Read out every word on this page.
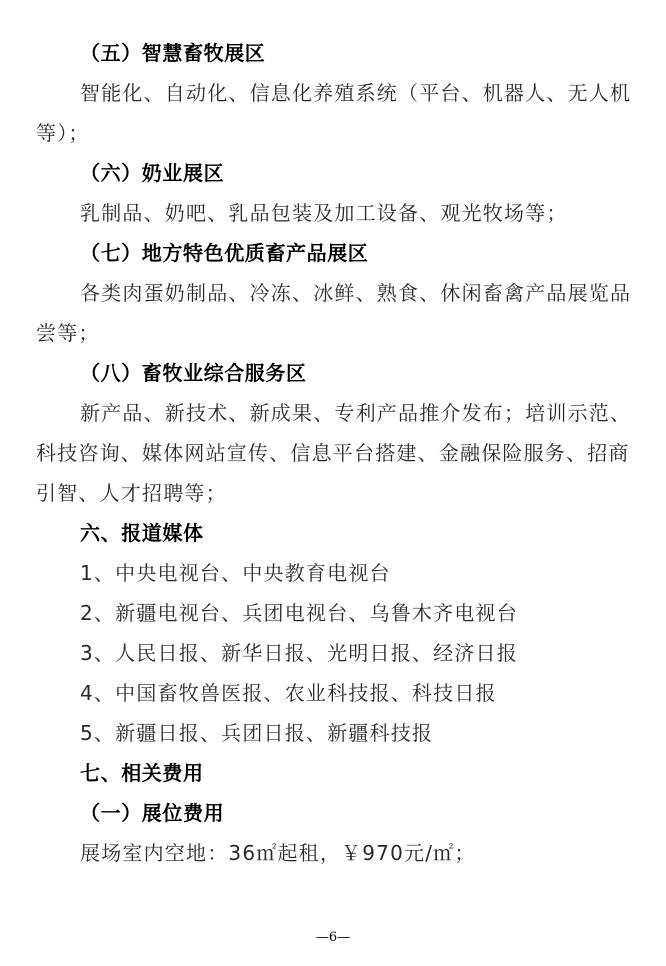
（五）智慧畜牧展区
智能化、自动化、信息化养殖系统（平台、机器人、无人机
等）；
（六）奶业展区
乳制品、奶吧、乳品包装及加工设备、观光牧场等；
（七）地方特色优质畜产品展区
各类肉蛋奶制品、冷冻、冰鲜、熟食、休闲畜禽产品展览品
尝等；
（八）畜牧业综合服务区
新产品、新技术、新成果、专利产品推介发布；培训示范、
科技咨询、媒体网站宣传、信息平台搭建、金融保险服务、招商
引智、人才招聘等；
六、报道媒体
1、中央电视台、中央教育电视台
2、新疆电视台、兵团电视台、乌鲁木齐电视台
3、人民日报、新华日报、光明日报、经济日报
4、中国畜牧兽医报、农业科技报、科技日报
5、新疆日报、兵团日报、新疆科技报
七、相关费用
（一）展位费用
展场室内空地：36㎡起租，￥970元/㎡；
—6—
